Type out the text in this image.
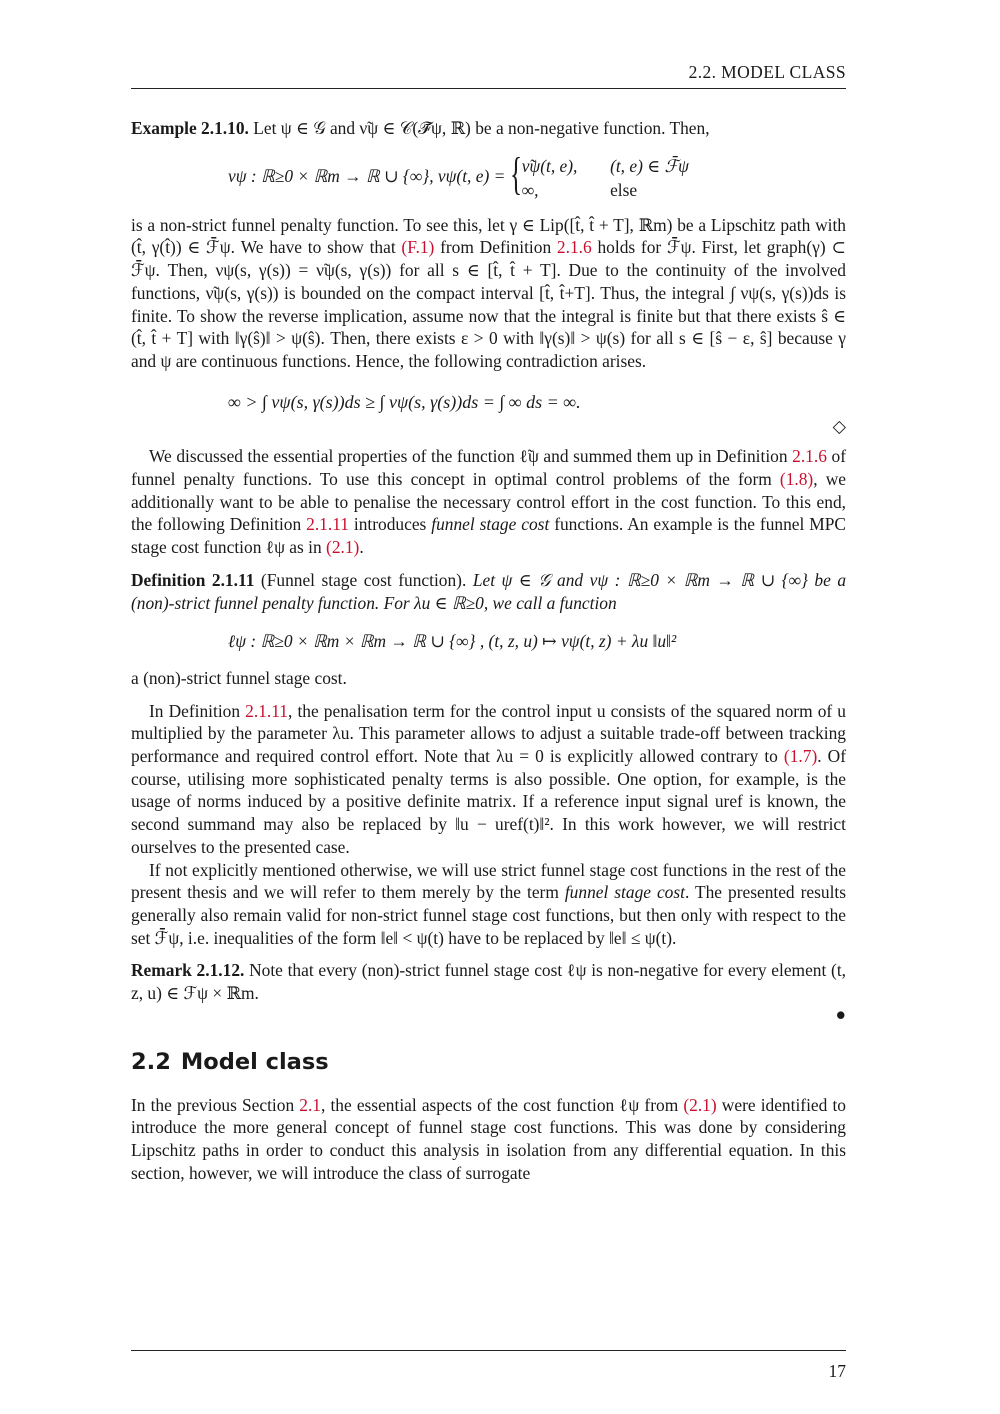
2.2. MODEL CLASS

Example 2.1.10. Let ψ ∈ 𝒢 and ν̃ψ ∈ 𝒞(ℱ̄ψ, ℝ) be a non-negative function. Then,

νψ : ℝ≥0 × ℝm → ℝ ∪ {∞}, νψ(t, e) = { ν̃ψ(t, e), (t, e) ∈ ℱ̄ψ
∞,	else

is a non-strict funnel penalty function. To see this, let γ ∈ Lip([t̂, t̂ + T], ℝm) be a Lipschitz path with (t̂, γ(t̂)) ∈ ℱ̄ψ. We have to show that (F.1) from Definition 2.1.6 holds for ℱ̄ψ. First, let graph(γ) ⊂ ℱ̄ψ. Then, νψ(s, γ(s)) = ν̃ψ(s, γ(s)) for all s ∈ [t̂, t̂ + T]. Due to the continuity of the involved functions, ν̃ψ(s, γ(s)) is bounded on the compact interval [t̂, t̂+T]. Thus, the integral ∫ νψ(s, γ(s))ds is finite. To show the reverse implication, assume now that the integral is finite but that there exists ŝ ∈ (t̂, t̂ + T] with ‖γ(ŝ)‖ > ψ(ŝ). Then, there exists ε > 0 with ‖γ(s)‖ > ψ(s) for all s ∈ [ŝ − ε, ŝ] because γ and ψ are continuous functions. Hence, the following contradiction arises.

∞ > ∫ νψ(s, γ(s))ds ≥ ∫ νψ(s, γ(s))ds = ∫ ∞ ds = ∞.
◇

We discussed the essential properties of the function ℓ̃ψ and summed them up in Definition 2.1.6 of funnel penalty functions. To use this concept in optimal control problems of the form (1.8), we additionally want to be able to penalise the necessary control effort in the cost function. To this end, the following Definition 2.1.11 introduces funnel stage cost functions. An example is the funnel MPC stage cost function ℓψ as in (2.1).

Definition 2.1.11 (Funnel stage cost function). Let ψ ∈ 𝒢 and νψ : ℝ≥0 × ℝm → ℝ ∪ {∞} be a (non)-strict funnel penalty function. For λu ∈ ℝ≥0, we call a function

ℓψ : ℝ≥0 × ℝm × ℝm → ℝ ∪ {∞} , (t, z, u) ↦ νψ(t, z) + λu ‖u‖²

a (non)-strict funnel stage cost.

In Definition 2.1.11, the penalisation term for the control input u consists of the squared norm of u multiplied by the parameter λu. This parameter allows to adjust a suitable trade-off between tracking performance and required control effort. Note that λu = 0 is explicitly allowed contrary to (1.7). Of course, utilising more sophisticated penalty terms is also possible. One option, for example, is the usage of norms induced by a positive definite matrix. If a reference input signal uref is known, the second summand may also be replaced by ‖u − uref(t)‖². In this work however, we will restrict ourselves to the presented case.

If not explicitly mentioned otherwise, we will use strict funnel stage cost functions in the rest of the present thesis and we will refer to them merely by the term funnel stage cost. The presented results generally also remain valid for non-strict funnel stage cost functions, but then only with respect to the set ℱ̄ψ, i.e. inequalities of the form ‖e‖ < ψ(t) have to be replaced by ‖e‖ ≤ ψ(t).

Remark 2.1.12. Note that every (non)-strict funnel stage cost ℓψ is non-negative for every element (t, z, u) ∈ ℱψ × ℝm.

●
2.2 Model class

In the previous Section 2.1, the essential aspects of the cost function ℓψ from (2.1) were identified to introduce the more general concept of funnel stage cost functions. This was done by considering Lipschitz paths in order to conduct this analysis in isolation from any differential equation. In this section, however, we will introduce the class of surrogate

17
